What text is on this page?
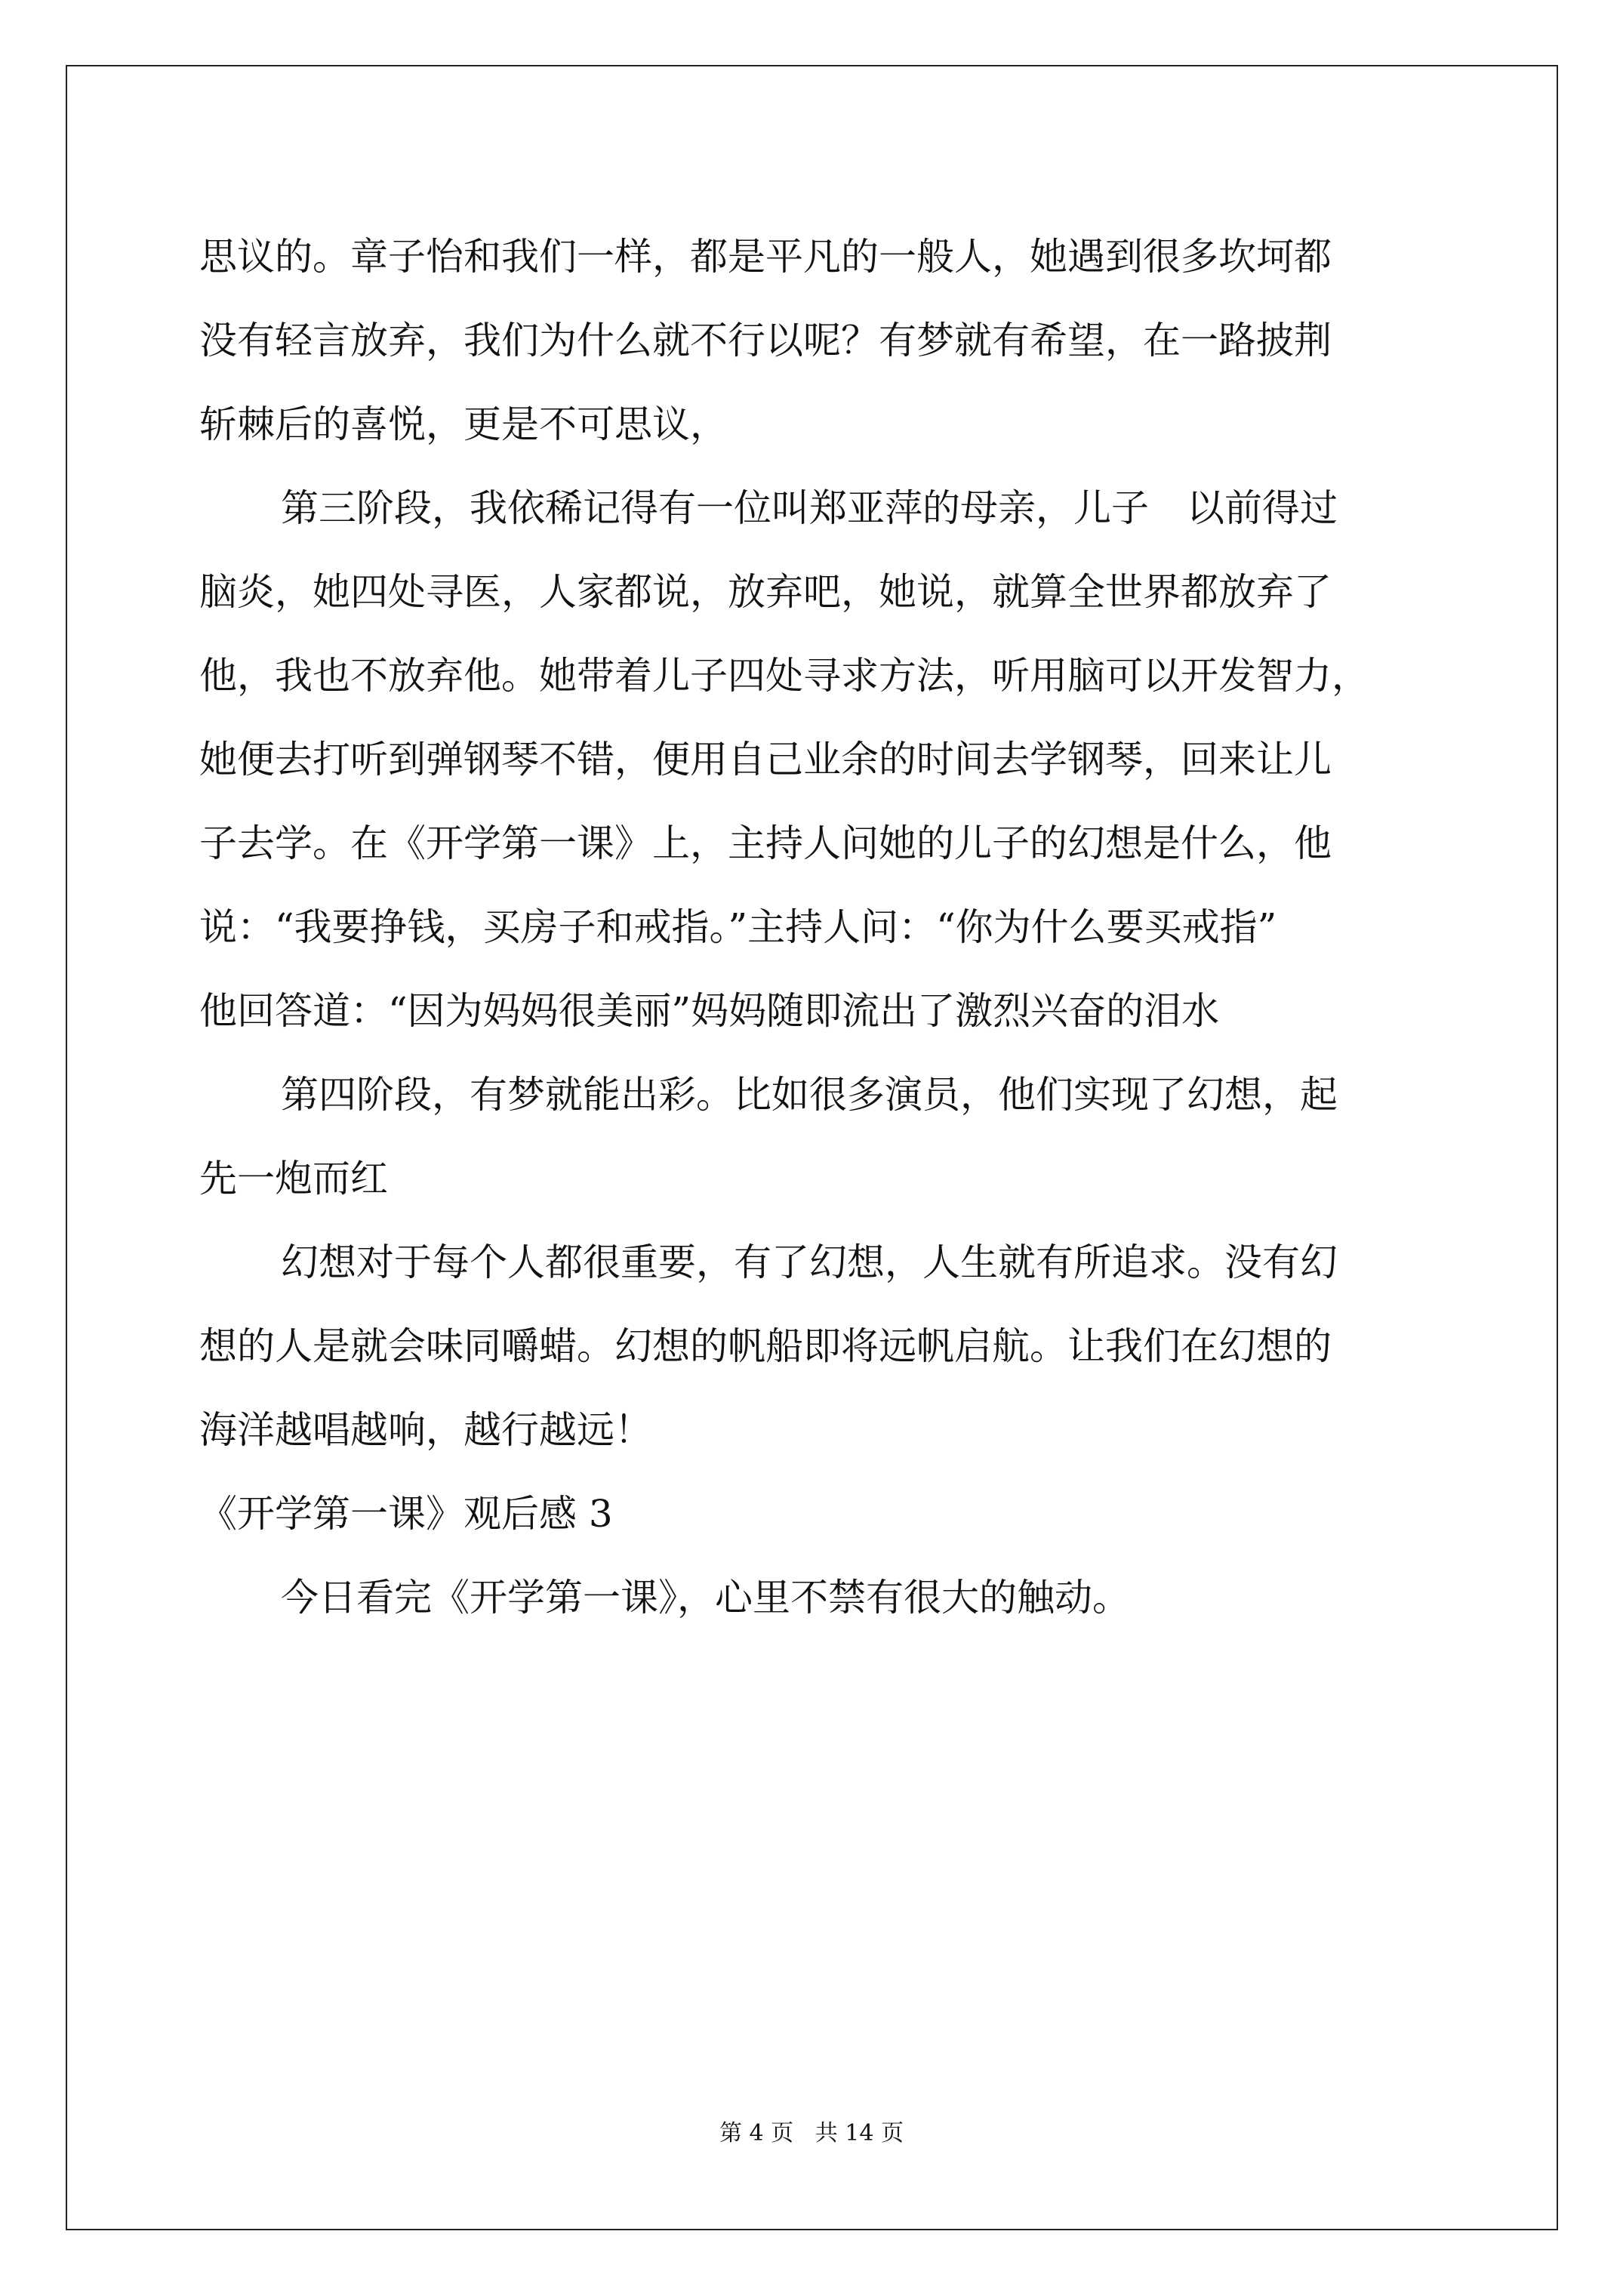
思议的。章子怡和我们一样，都是平凡的一般人，她遇到很多坎坷都
没有轻言放弃，我们为什么就不行以呢？有梦就有希望，在一路披荆
斩棘后的喜悦，更是不可思议，
第三阶段，我依稀记得有一位叫郑亚萍的母亲，儿子　以前得过
脑炎，她四处寻医，人家都说，放弃吧，她说，就算全世界都放弃了
他，我也不放弃他。她带着儿子四处寻求方法，听用脑可以开发智力，
她便去打听到弹钢琴不错，便用自己业余的时间去学钢琴，回来让儿
子去学。在《开学第一课》上，主持人问她的儿子的幻想是什么，他
说：“我要挣钱，买房子和戒指。”主持人问：“你为什么要买戒指”
他回答道：“因为妈妈很美丽”妈妈随即流出了激烈兴奋的泪水
第四阶段，有梦就能出彩。比如很多演员，他们实现了幻想，起
先一炮而红
幻想对于每个人都很重要，有了幻想，人生就有所追求。没有幻
想的人是就会味同嚼蜡。幻想的帆船即将远帆启航。让我们在幻想的
海洋越唱越响，越行越远！
《开学第一课》观后感 3
今日看完《开学第一课》，心里不禁有很大的触动。
第 4 页 共 14 页
